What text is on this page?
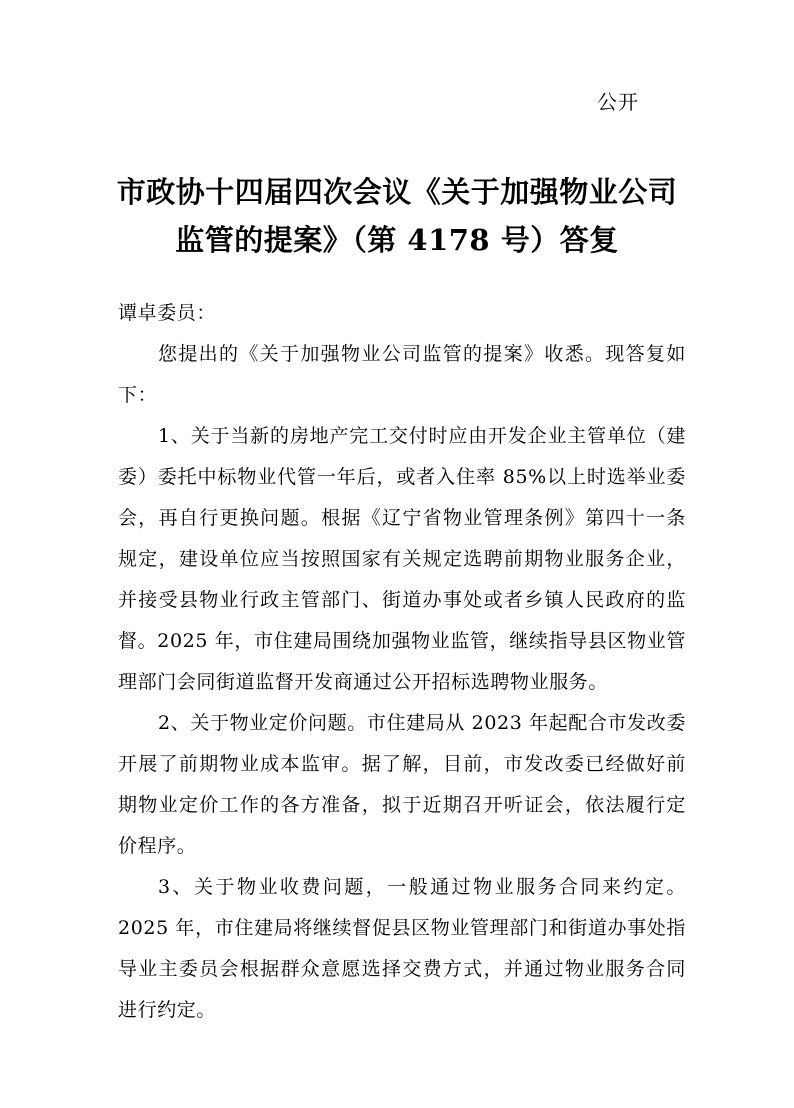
公开
市政协十四届四次会议《关于加强物业公司
监管的提案》（第 4178 号）答复

谭卓委员：

您提出的《关于加强物业公司监管的提案》收悉。现答复如下：

1、关于当新的房地产完工交付时应由开发企业主管单位（建委）委托中标物业代管一年后，或者入住率 85%以上时选举业委会，再自行更换问题。根据《辽宁省物业管理条例》第四十一条规定，建设单位应当按照国家有关规定选聘前期物业服务企业，并接受县物业行政主管部门、街道办事处或者乡镇人民政府的监督。2025 年，市住建局围绕加强物业监管，继续指导县区物业管理部门会同街道监督开发商通过公开招标选聘物业服务。

2、关于物业定价问题。市住建局从 2023 年起配合市发改委开展了前期物业成本监审。据了解，目前，市发改委已经做好前期物业定价工作的各方准备，拟于近期召开听证会，依法履行定价程序。

3、关于物业收费问题，一般通过物业服务合同来约定。2025 年，市住建局将继续督促县区物业管理部门和街道办事处指导业主委员会根据群众意愿选择交费方式，并通过物业服务合同进行约定。
